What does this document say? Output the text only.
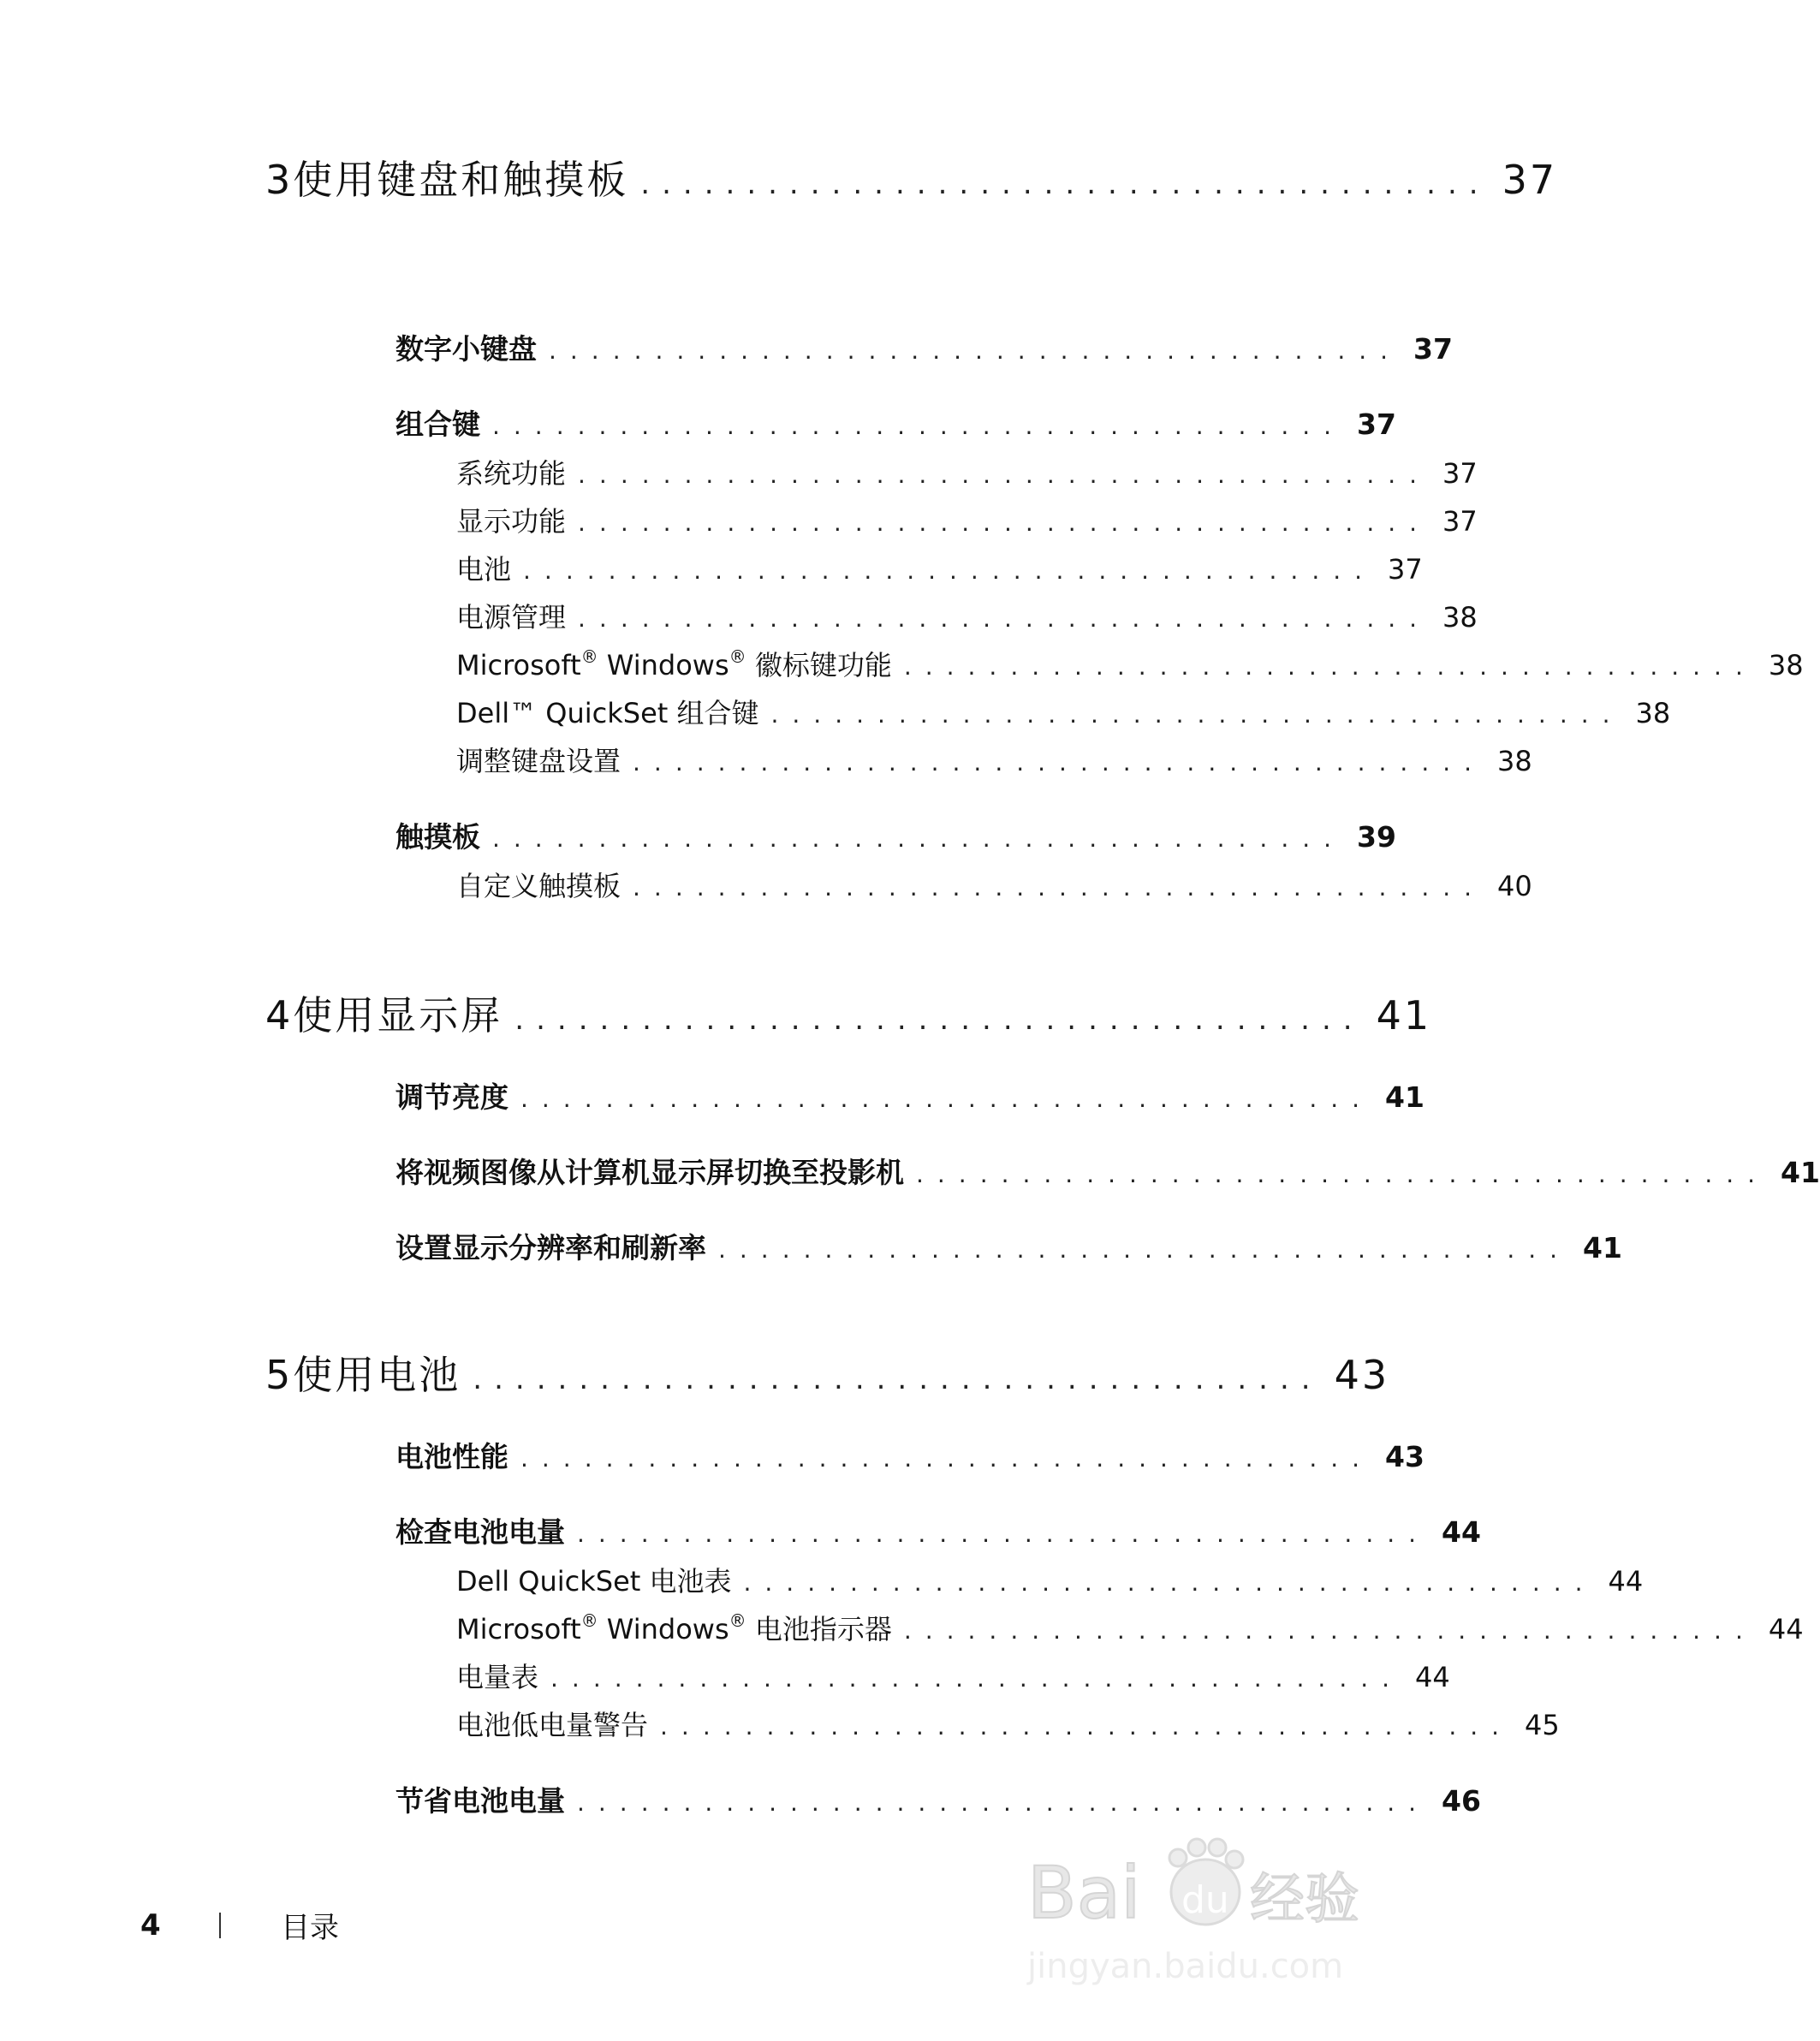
3 使用键盘和触摸板 ........................................ 37
数字小键盘 ........................................ 37
组合键 ........................................ 37
系统功能 ........................................ 37
显示功能 ........................................ 37
电池 ........................................ 37
电源管理 ........................................ 38
Microsoft® Windows® 徽标键功能 ........................................ 38
Dell™ QuickSet 组合键 ........................................ 38
调整键盘设置 ........................................ 38
触摸板 ........................................ 39
自定义触摸板 ........................................ 40
4 使用显示屏 ........................................ 41
调节亮度 ........................................ 41
将视频图像从计算机显示屏切换至投影机 ........................................ 41
设置显示分辨率和刷新率 ........................................ 41
5 使用电池 ........................................ 43
电池性能 ........................................ 43
检查电池电量 ........................................ 44
Dell QuickSet 电池表 ........................................ 44
Microsoft® Windows® 电池指示器 ........................................ 44
电量表 ........................................ 44
电池低电量警告 ........................................ 45
节省电池电量 ........................................ 46
4	目录	Bai du 经验
jingyan.baidu.com
